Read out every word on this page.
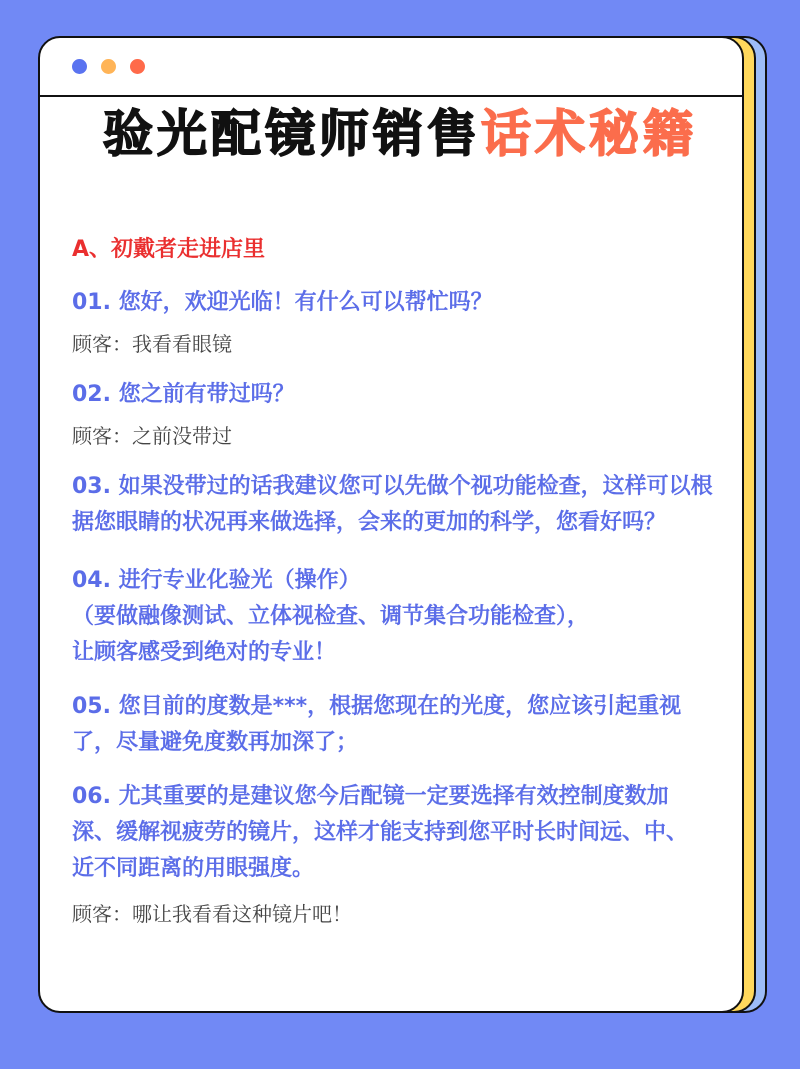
验光配镜师销售话术秘籍

A、初戴者走进店里

01. 您好，欢迎光临！有什么可以帮忙吗？

顾客：我看看眼镜

02. 您之前有带过吗？

顾客：之前没带过

03. 如果没带过的话我建议您可以先做个视功能检查，这样可以根据您眼睛的状况再来做选择，会来的更加的科学，您看好吗？

04. 进行专业化验光（操作）

（要做融像测试、立体视检查、调节集合功能检查），

让顾客感受到绝对的专业！

05. 您目前的度数是***，根据您现在的光度，您应该引起重视了，尽量避免度数再加深了；

06. 尤其重要的是建议您今后配镜一定要选择有效控制度数加深、缓解视疲劳的镜片，这样才能支持到您平时长时间远、中、近不同距离的用眼强度。

顾客：哪让我看看这种镜片吧！
